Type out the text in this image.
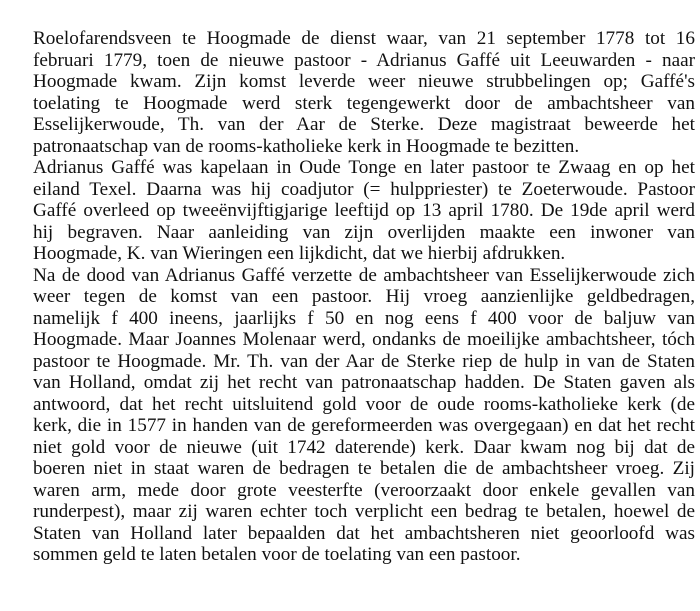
Roelofarendsveen te Hoogmade de dienst waar, van 21 september 1778 tot 16
februari 1779, toen de nieuwe pastoor - Adrianus Gaffé uit Leeuwarden - naar
Hoogmade kwam. Zijn komst leverde weer nieuwe strubbelingen op; Gaffé's
toelating te Hoogmade werd sterk tegengewerkt door de ambachtsheer van
Esselijkerwoude, Th. van der Aar de Sterke. Deze magistraat beweerde het
patronaatschap van de rooms-katholieke kerk in Hoogmade te bezitten.
Adrianus Gaffé was kapelaan in Oude Tonge en later pastoor te Zwaag en op het
eiland Texel. Daarna was hij coadjutor (= hulppriester) te Zoeterwoude. Pastoor
Gaffé overleed op tweeënvijftigjarige leeftijd op 13 april 1780. De 19de april werd
hij begraven. Naar aanleiding van zijn overlijden maakte een inwoner van
Hoogmade, K. van Wieringen een lijkdicht, dat we hierbij afdrukken.
Na de dood van Adrianus Gaffé verzette de ambachtsheer van Esselijkerwoude zich
weer tegen de komst van een pastoor. Hij vroeg aanzienlijke geldbedragen,
namelijk f 400 ineens, jaarlijks f 50 en nog eens f 400 voor de baljuw van
Hoogmade. Maar Joannes Molenaar werd, ondanks de moeilijke ambachtsheer, tóch
pastoor te Hoogmade. Mr. Th. van der Aar de Sterke riep de hulp in van de Staten
van Holland, omdat zij het recht van patronaatschap hadden. De Staten gaven als
antwoord, dat het recht uitsluitend gold voor de oude rooms-katholieke kerk (de
kerk, die in 1577 in handen van de gereformeerden was overgegaan) en dat het recht
niet gold voor de nieuwe (uit 1742 daterende) kerk. Daar kwam nog bij dat de
boeren niet in staat waren de bedragen te betalen die de ambachtsheer vroeg. Zij
waren arm, mede door grote veesterfte (veroorzaakt door enkele gevallen van
runderpest), maar zij waren echter toch verplicht een bedrag te betalen, hoewel de
Staten van Holland later bepaalden dat het ambachtsheren niet geoorloofd was
sommen geld te laten betalen voor de toelating van een pastoor.
